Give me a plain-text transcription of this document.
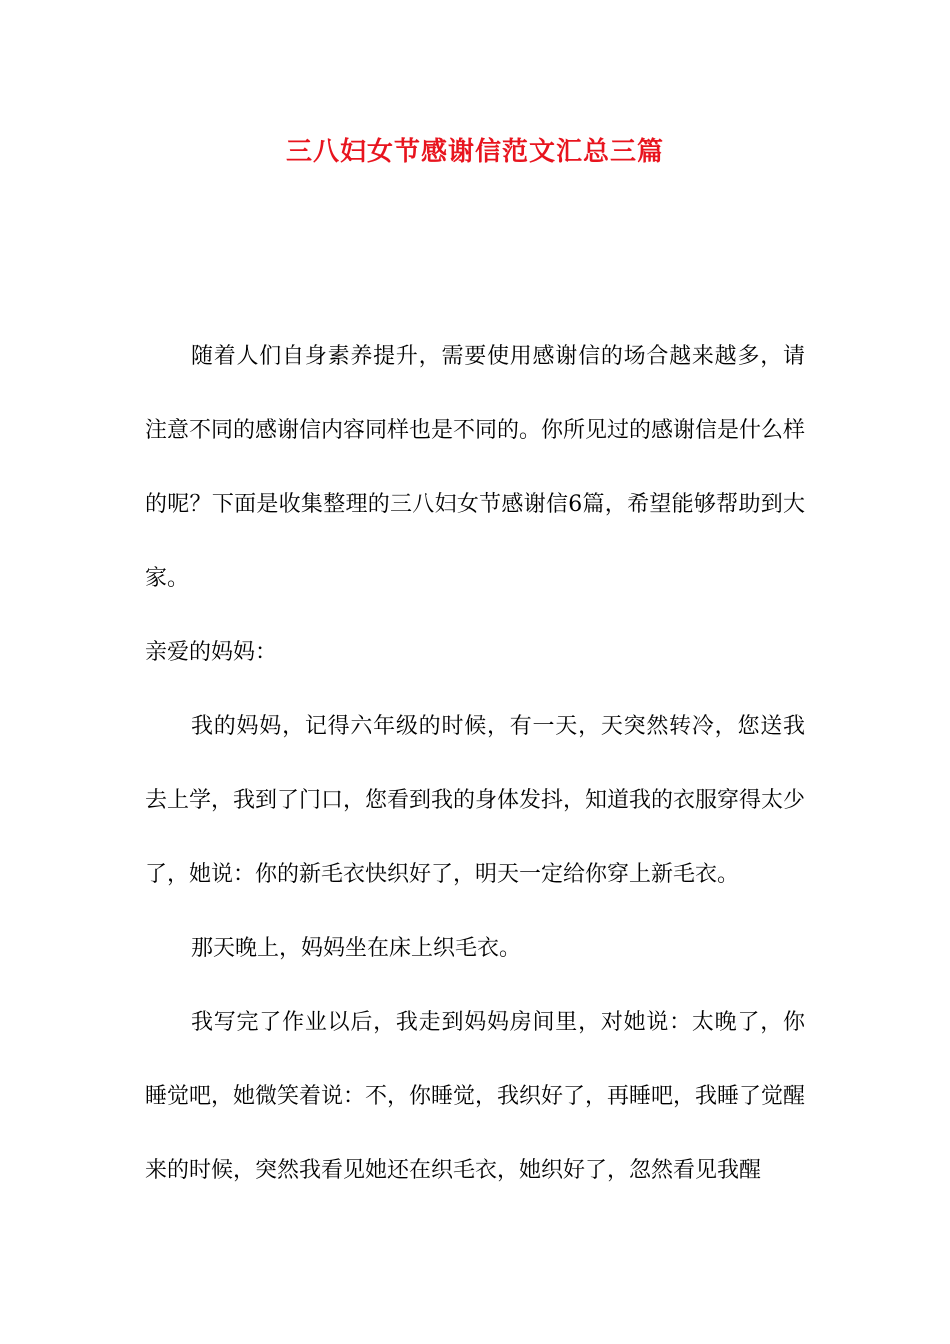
三八妇女节感谢信范文汇总三篇

随着人们自身素养提升，需要使用感谢信的场合越来越多，请注意不同的感谢信内容同样也是不同的。你所见过的感谢信是什么样的呢？下面是收集整理的三八妇女节感谢信6篇，希望能够帮助到大家。

亲爱的妈妈：

我的妈妈，记得六年级的时候，有一天，天突然转冷，您送我去上学，我到了门口，您看到我的身体发抖，知道我的衣服穿得太少了，她说：你的新毛衣快织好了，明天一定给你穿上新毛衣。

那天晚上，妈妈坐在床上织毛衣。

我写完了作业以后，我走到妈妈房间里，对她说：太晚了，你睡觉吧，她微笑着说：不，你睡觉，我织好了，再睡吧，我睡了觉醒来的时候，突然我看见她还在织毛衣，她织好了，忽然看见我醒
